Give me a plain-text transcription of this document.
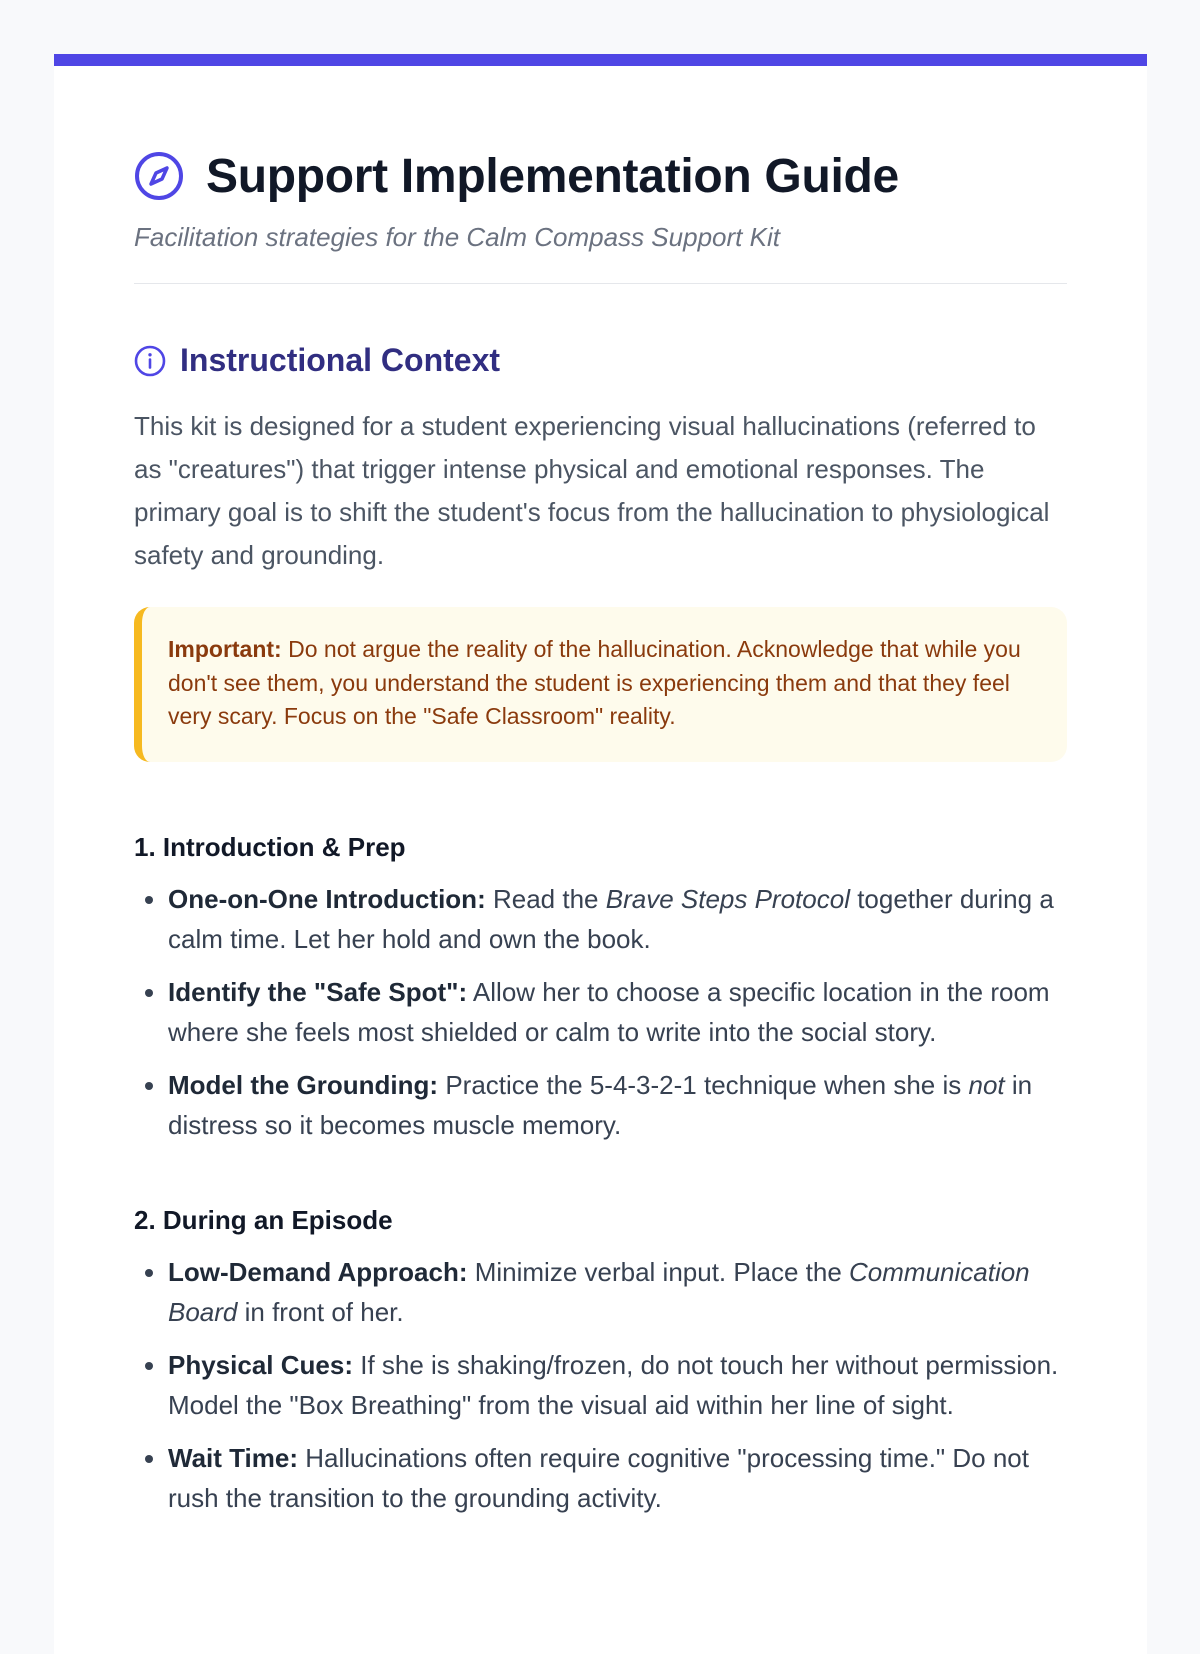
Support Implementation Guide
Facilitation strategies for the Calm Compass Support Kit
Instructional Context

This kit is designed for a student experiencing visual hallucinations (referred to as "creatures") that trigger intense physical and emotional responses. The primary goal is to shift the student's focus from the hallucination to physiological safety and grounding.

Important: Do not argue the reality of the hallucination. Acknowledge that while you don't see them, you understand the student is experiencing them and that they feel very scary. Focus on the "Safe Classroom" reality.
1. Introduction & Prep
• One-on-One Introduction: Read the Brave Steps Protocol together during a calm time. Let her hold and own the book.
• Identify the "Safe Spot": Allow her to choose a specific location in the room where she feels most shielded or calm to write into the social story.
• Model the Grounding: Practice the 5-4-3-2-1 technique when she is not in distress so it becomes muscle memory.
2. During an Episode
• Low-Demand Approach: Minimize verbal input. Place the Communication Board in front of her.
• Physical Cues: If she is shaking/frozen, do not touch her without permission. Model the "Box Breathing" from the visual aid within her line of sight.
• Wait Time: Hallucinations often require cognitive "processing time." Do not rush the transition to the grounding activity.
